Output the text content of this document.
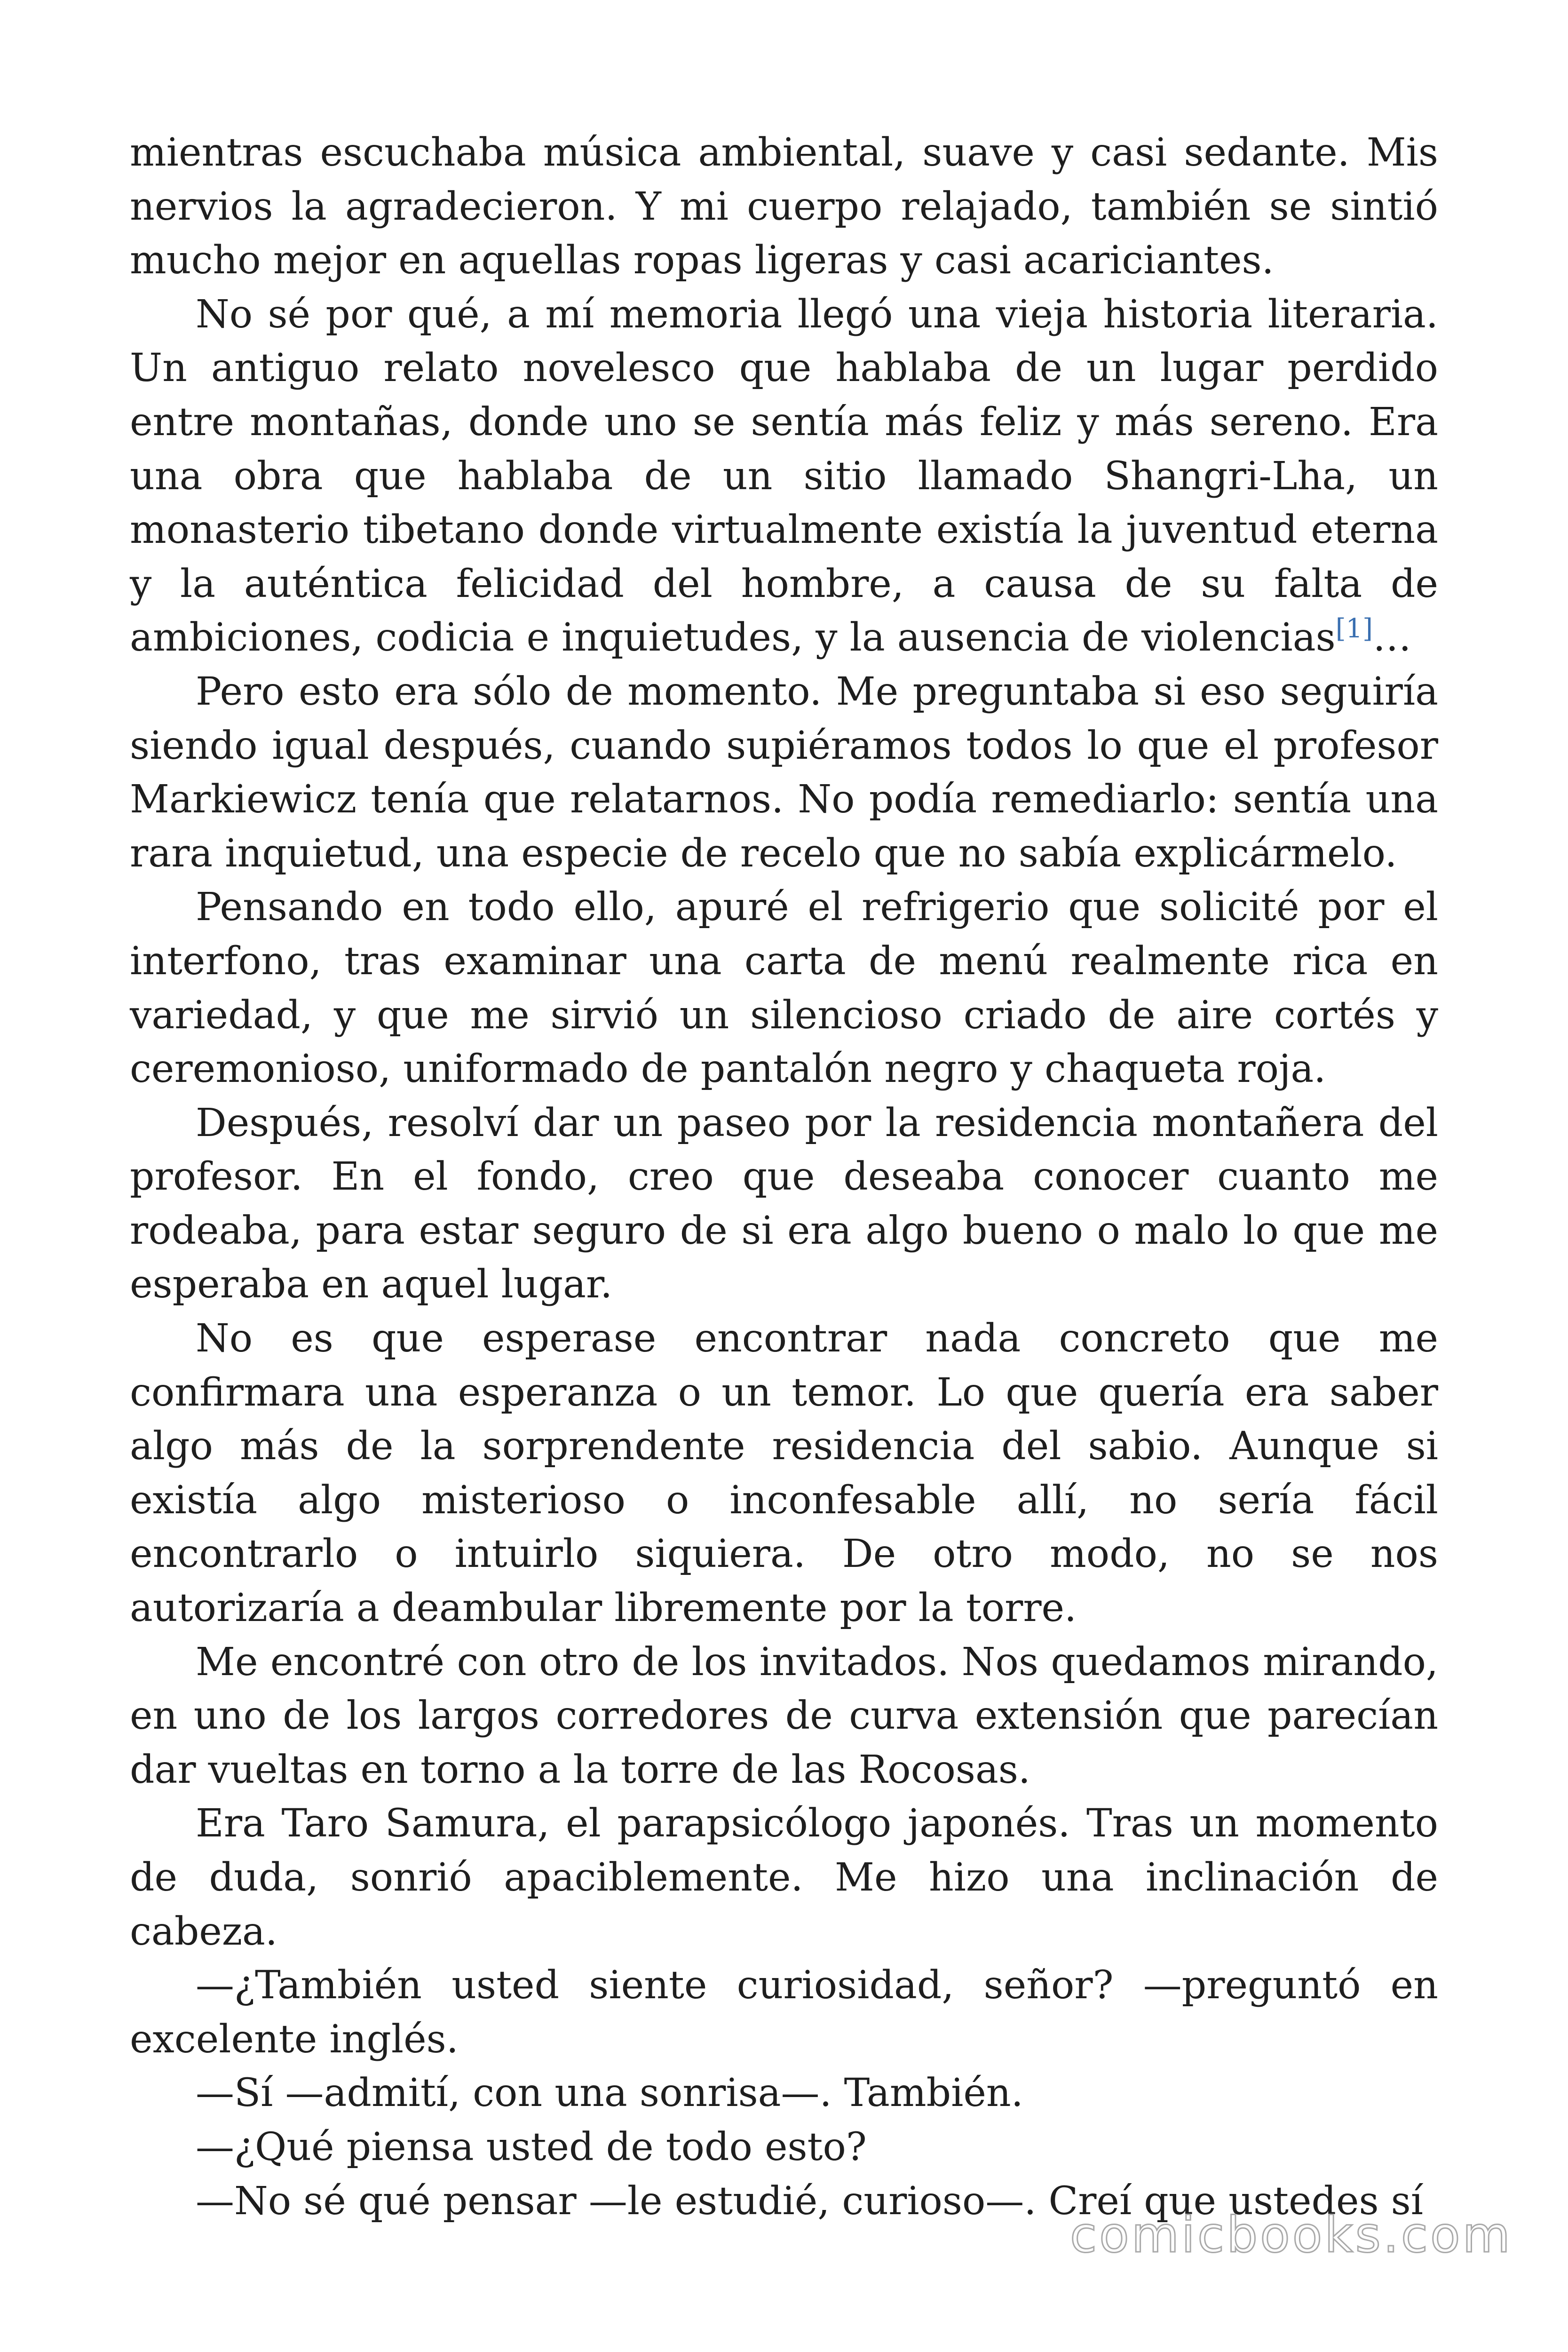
mientras escuchaba música ambiental, suave y casi sedante. Mis nervios la agradecieron. Y mi cuerpo relajado, también se sintió mucho mejor en aquellas ropas ligeras y casi acariciantes.

No sé por qué, a mí memoria llegó una vieja historia literaria. Un antiguo relato novelesco que hablaba de un lugar perdido entre montañas, donde uno se sentía más feliz y más sereno. Era una obra que hablaba de un sitio llamado Shangri-Lha, un monasterio tibetano donde virtualmente existía la juventud eterna y la auténtica felicidad del hombre, a causa de su falta de ambiciones, codicia e inquietudes, y la ausencia de violencias[1]…

Pero esto era sólo de momento. Me preguntaba si eso seguiría siendo igual después, cuando supiéramos todos lo que el profesor Markiewicz tenía que relatarnos. No podía remediarlo: sentía una rara inquietud, una especie de recelo que no sabía explicármelo.

Pensando en todo ello, apuré el refrigerio que solicité por el interfono, tras examinar una carta de menú realmente rica en variedad, y que me sirvió un silencioso criado de aire cortés y ceremonioso, uniformado de pantalón negro y chaqueta roja.

Después, resolví dar un paseo por la residencia montañera del profesor. En el fondo, creo que deseaba conocer cuanto me rodeaba, para estar seguro de si era algo bueno o malo lo que me esperaba en aquel lugar.

No es que esperase encontrar nada concreto que me confirmara una esperanza o un temor. Lo que quería era saber algo más de la sorprendente residencia del sabio. Aunque si existía algo misterioso o inconfesable allí, no sería fácil encontrarlo o intuirlo siquiera. De otro modo, no se nos autorizaría a deambular libremente por la torre.

Me encontré con otro de los invitados. Nos quedamos mirando, en uno de los largos corredores de curva extensión que parecían dar vueltas en torno a la torre de las Rocosas.

Era Taro Samura, el parapsicólogo japonés. Tras un momento de duda, sonrió apaciblemente. Me hizo una inclinación de cabeza.

—¿También usted siente curiosidad, señor? —preguntó en excelente inglés.

—Sí —admití, con una sonrisa—. También.

—¿Qué piensa usted de todo esto?

—No sé qué pensar —le estudié, curioso—. Creí que ustedes sí

comicbooks.com
